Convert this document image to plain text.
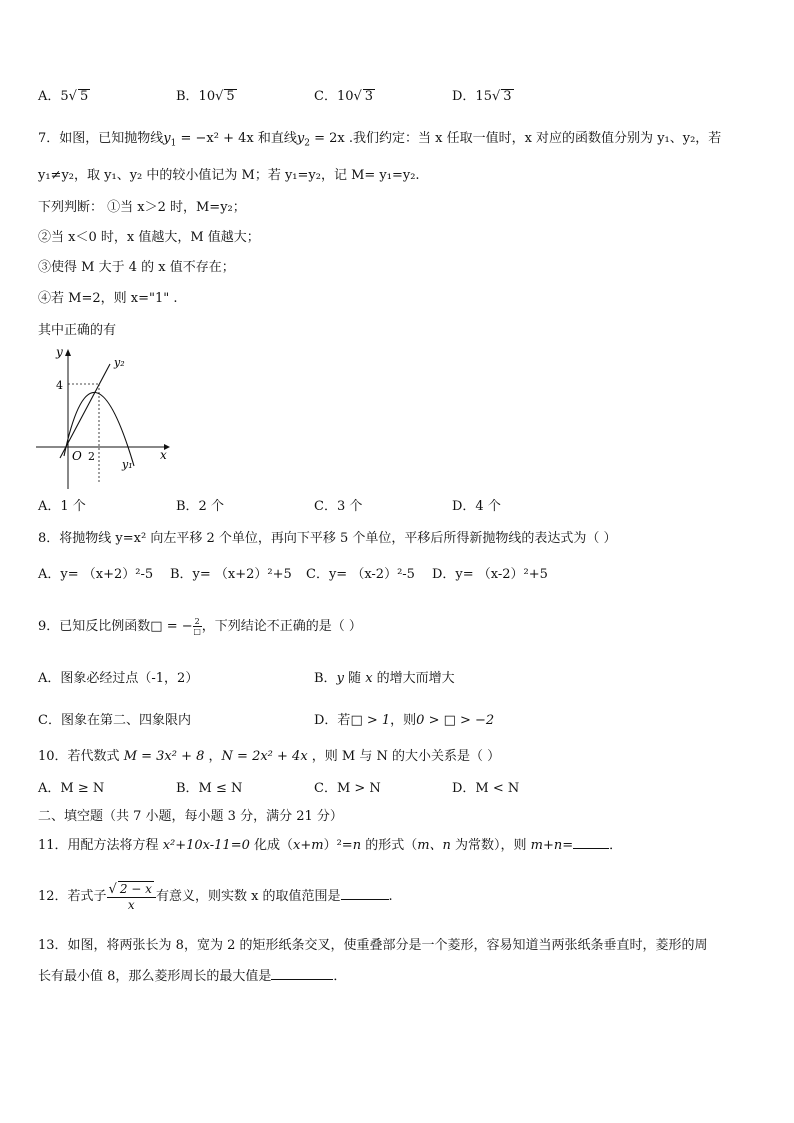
A．5√ 5	B．10√ 5	C．10√ 3	D．15√ 3
7．如图，已知抛物线$y_1 = -x^2 + 4x$ 和直线$y_2 = 2x$ .我们约定：当 x 任取一值时，x 对应的函数值分别为 y₁、y₂，若
y₁≠y₂，取 y₁、y₂ 中的较小值记为 M；若 y₁=y₂，记 M= y₁=y₂.
下列判断： ①当 x＞2 时，M=y₂；
②当 x＜0 时，x 值越大，M 值越大；
③使得 M 大于 4 的 x 值不存在；
④若 M=2，则 x="1" .
其中正确的有
y
x
O 2
4
y₂
y₁
A．1 个	B．2 个	C．3 个	D．4 个
8．将抛物线 y=x² 向左平移 2 个单位，再向下平移 5 个单位，平移后所得新抛物线的表达式为（ ）
A．y= （x+2）²-5 B．y= （x+2）²+5 C．y= （x-2）²-5 D．y= （x-2）²+5
9．已知反比例函数□ = − $\frac{2}{□}$ ，下列结论不正确的是（ ）
A．图象必经过点（-1，2）	B．y 随 x 的增大而增大
C．图象在第二、四象限内	D．若□ > 1，则0 > □ > −2
10．若代数式 M = 3x² + 8 ，N = 2x² + 4x ，则 M 与 N 的大小关系是（ ）
A．M ≥ N	B．M ≤ N	C．M > N	D．M < N
二、填空题（共 7 小题，每小题 3 分，满分 21 分）
11．用配方法将方程 x²+10x-11=0 化成（x+m）²=n 的形式（m、n 为常数），则 m+n=	．
12．若式子 $\frac{√ 2 - x}{x}$ 有意义，则实数 x 的取值范围是	.
13．如图，将两张长为 8，宽为 2 的矩形纸条交叉，使重叠部分是一个菱形，容易知道当两张纸条垂直时，菱形的周
长有最小值 8，那么菱形周长的最大值是	．
